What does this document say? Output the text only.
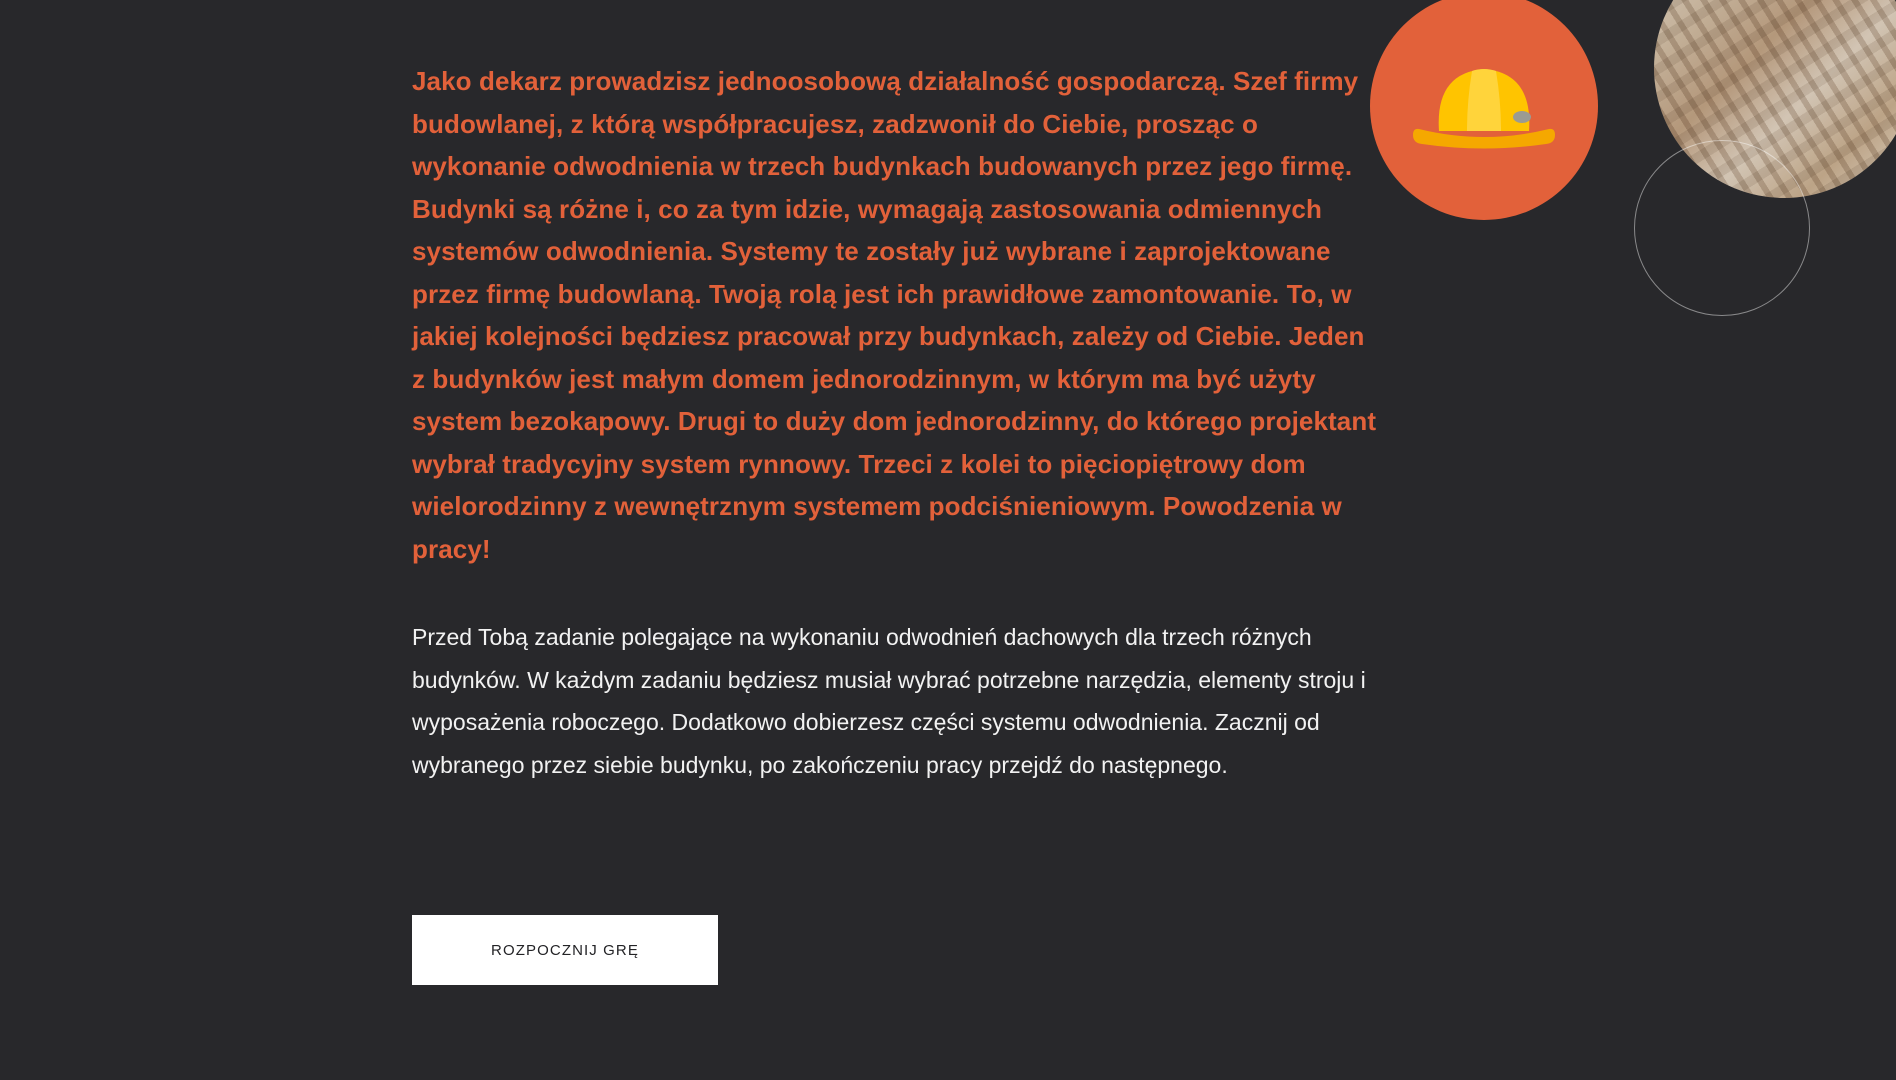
Jako dekarz prowadzisz jednoosobową działalność gospodarczą. Szef firmy budowlanej, z którą współpracujesz, zadzwonił do Ciebie, prosząc o wykonanie odwodnienia w trzech budynkach budowanych przez jego firmę. Budynki są różne i, co za tym idzie, wymagają zastosowania odmiennych systemów odwodnienia. Systemy te zostały już wybrane i zaprojektowane przez firmę budowlaną. Twoją rolą jest ich prawidłowe zamontowanie. To, w jakiej kolejności będziesz pracował przy budynkach, zależy od Ciebie. Jeden z budynków jest małym domem jednorodzinnym, w którym ma być użyty system bezokapowy. Drugi to duży dom jednorodzinny, do którego projektant wybrał tradycyjny system rynnowy. Trzeci z kolei to pięciopiętrowy dom wielorodzinny z wewnętrznym systemem podciśnieniowym. Powodzenia w pracy!

Przed Tobą zadanie polegające na wykonaniu odwodnień dachowych dla trzech różnych budynków. W każdym zadaniu będziesz musiał wybrać potrzebne narzędzia, elementy stroju i wyposażenia roboczego. Dodatkowo dobierzesz części systemu odwodnienia. Zacznij od wybranego przez siebie budynku, po zakończeniu pracy przejdź do następnego.

ROZPOCZNIJ GRĘ
